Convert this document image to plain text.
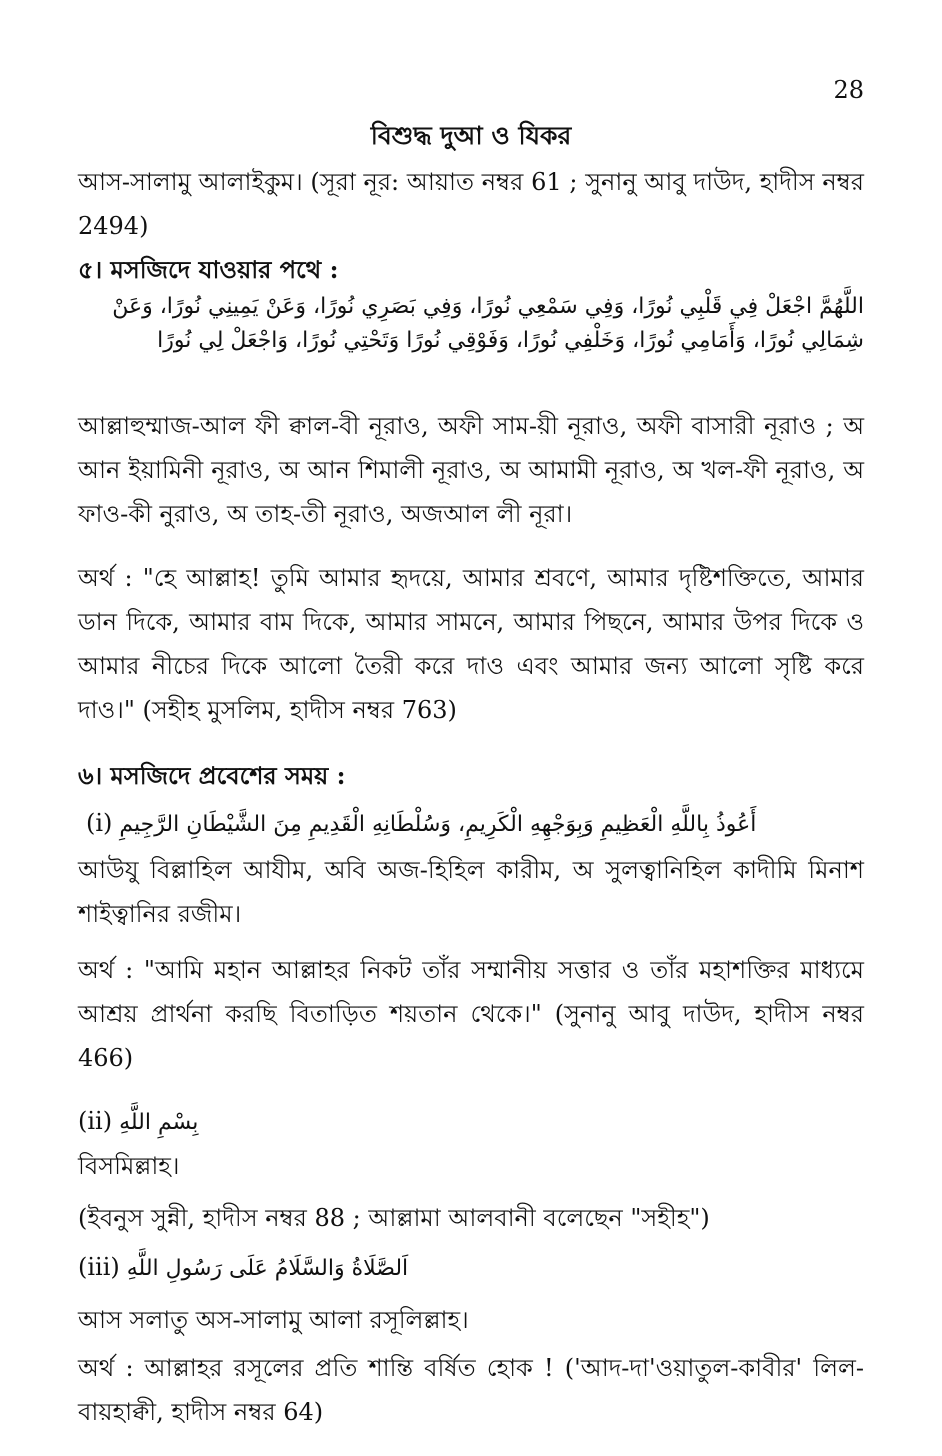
28
বিশুদ্ধ দুআ ও যিকর
আস-সালামু আলাইকুম। (সূরা নূর: আয়াত নম্বর 61 ; সুনানু আবু দাউদ, হাদীস নম্বর 2494)
৫। মসজিদে যাওয়ার পথে :
اللَّهُمَّ اجْعَلْ فِي قَلْبِي نُورًا، وَفِي سَمْعِي نُورًا، وَفِي بَصَرِي نُورًا، وَعَنْ يَمِينِي نُورًا، وَعَنْ شِمَالِي نُورًا، وَأَمَامِي نُورًا، وَخَلْفِي نُورًا، وَفَوْقِي نُورًا وَتَحْتِي نُورًا، وَاجْعَلْ لِي نُورًا
আল্লাহুম্মাজ-আল ফী ক্বাল-বী নূরাও, অফী সাম-য়ী নূরাও, অফী বাসারী নূরাও ; অ আন ইয়ামিনী নূরাও, অ আন শিমালী নূরাও, অ আমামী নূরাও, অ খল-ফী নূরাও, অ ফাও-কী নুরাও, অ তাহ-তী নূরাও, অজআল লী নূরা।
অর্থ : "হে আল্লাহ! তুমি আমার হৃদয়ে, আমার শ্রবণে, আমার দৃষ্টিশক্তিতে, আমার ডান দিকে, আমার বাম দিকে, আমার সামনে, আমার পিছনে, আমার উপর দিকে ও আমার নীচের দিকে আলো তৈরী করে দাও এবং আমার জন্য আলো সৃষ্টি করে দাও।" (সহীহ মুসলিম, হাদীস নম্বর 763)
৬। মসজিদে প্রবেশের সময় :
(i) أَعُوذُ بِاللَّهِ الْعَظِيمِ وَبِوَجْهِهِ الْكَرِيمِ، وَسُلْطَانِهِ الْقَدِيمِ مِنَ الشَّيْطَانِ الرَّجِيمِ
আউযু বিল্লাহিল আযীম, অবি অজ-হিহিল কারীম, অ সুলত্বানিহিল কাদীমি মিনাশ শাইত্বানির রজীম।
অর্থ : "আমি মহান আল্লাহর নিকট তাঁর সম্মানীয় সত্তার ও তাঁর মহাশক্তির মাধ্যমে আশ্রয় প্রার্থনা করছি বিতাড়িত শয়তান থেকে।" (সুনানু আবু দাউদ, হাদীস নম্বর 466)
(ii) بِسْمِ اللَّهِ
বিসমিল্লাহ।
(ইবনুস সুন্নী, হাদীস নম্বর 88 ; আল্লামা আলবানী বলেছেন "সহীহ")
(iii) اَلصَّلَاةُ وَالسَّلَامُ عَلَى رَسُولِ اللَّهِ
আস সলাতু অস-সালামু আলা রসূলিল্লাহ।
অর্থ : আল্লাহর রসূলের প্রতি শান্তি বর্ষিত হোক ! ('আদ-দা'ওয়াতুল-কাবীর' লিল-বায়হাক্বী, হাদীস নম্বর 64)
